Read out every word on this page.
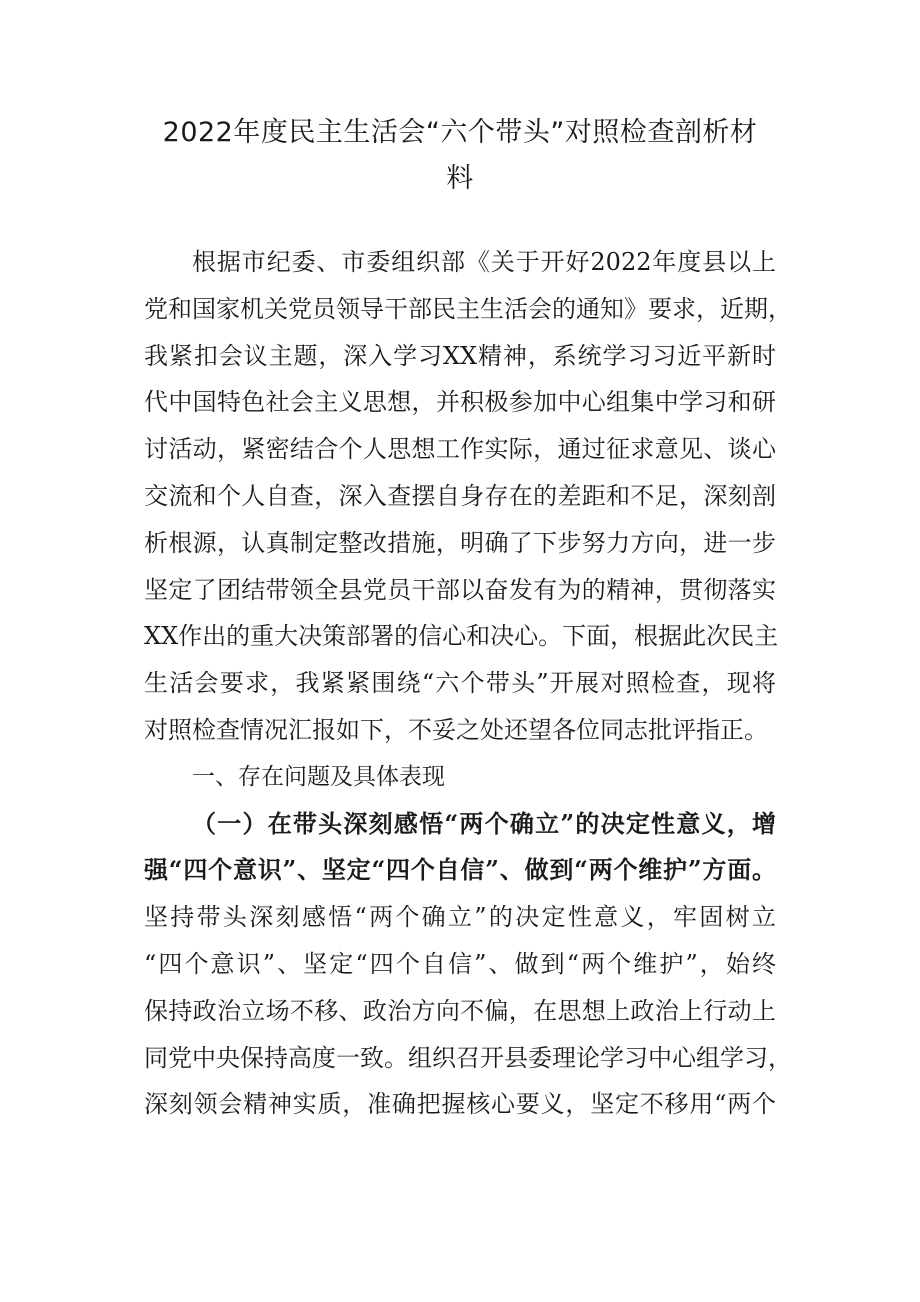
2022年度民主生活会“六个带头”对照检查剖析材
料
根据市纪委、市委组织部《关于开好2022年度县以上
党和国家机关党员领导干部民主生活会的通知》要求，近期，
我紧扣会议主题，深入学习XX精神，系统学习习近平新时
代中国特色社会主义思想，并积极参加中心组集中学习和研
讨活动，紧密结合个人思想工作实际，通过征求意见、谈心
交流和个人自查，深入查摆自身存在的差距和不足，深刻剖
析根源，认真制定整改措施，明确了下步努力方向，进一步
坚定了团结带领全县党员干部以奋发有为的精神，贯彻落实
XX作出的重大决策部署的信心和决心。下面，根据此次民主
生活会要求，我紧紧围绕“六个带头”开展对照检查，现将
对照检查情况汇报如下，不妥之处还望各位同志批评指正。
一、存在问题及具体表现
（一）在带头深刻感悟“两个确立”的决定性意义，增
强“四个意识”、坚定“四个自信”、做到“两个维护”方面。
坚持带头深刻感悟“两个确立”的决定性意义，牢固树立
“四个意识”、坚定“四个自信”、做到“两个维护”，始终
保持政治立场不移、政治方向不偏，在思想上政治上行动上
同党中央保持高度一致。组织召开县委理论学习中心组学习，
深刻领会精神实质，准确把握核心要义，坚定不移用“两个
